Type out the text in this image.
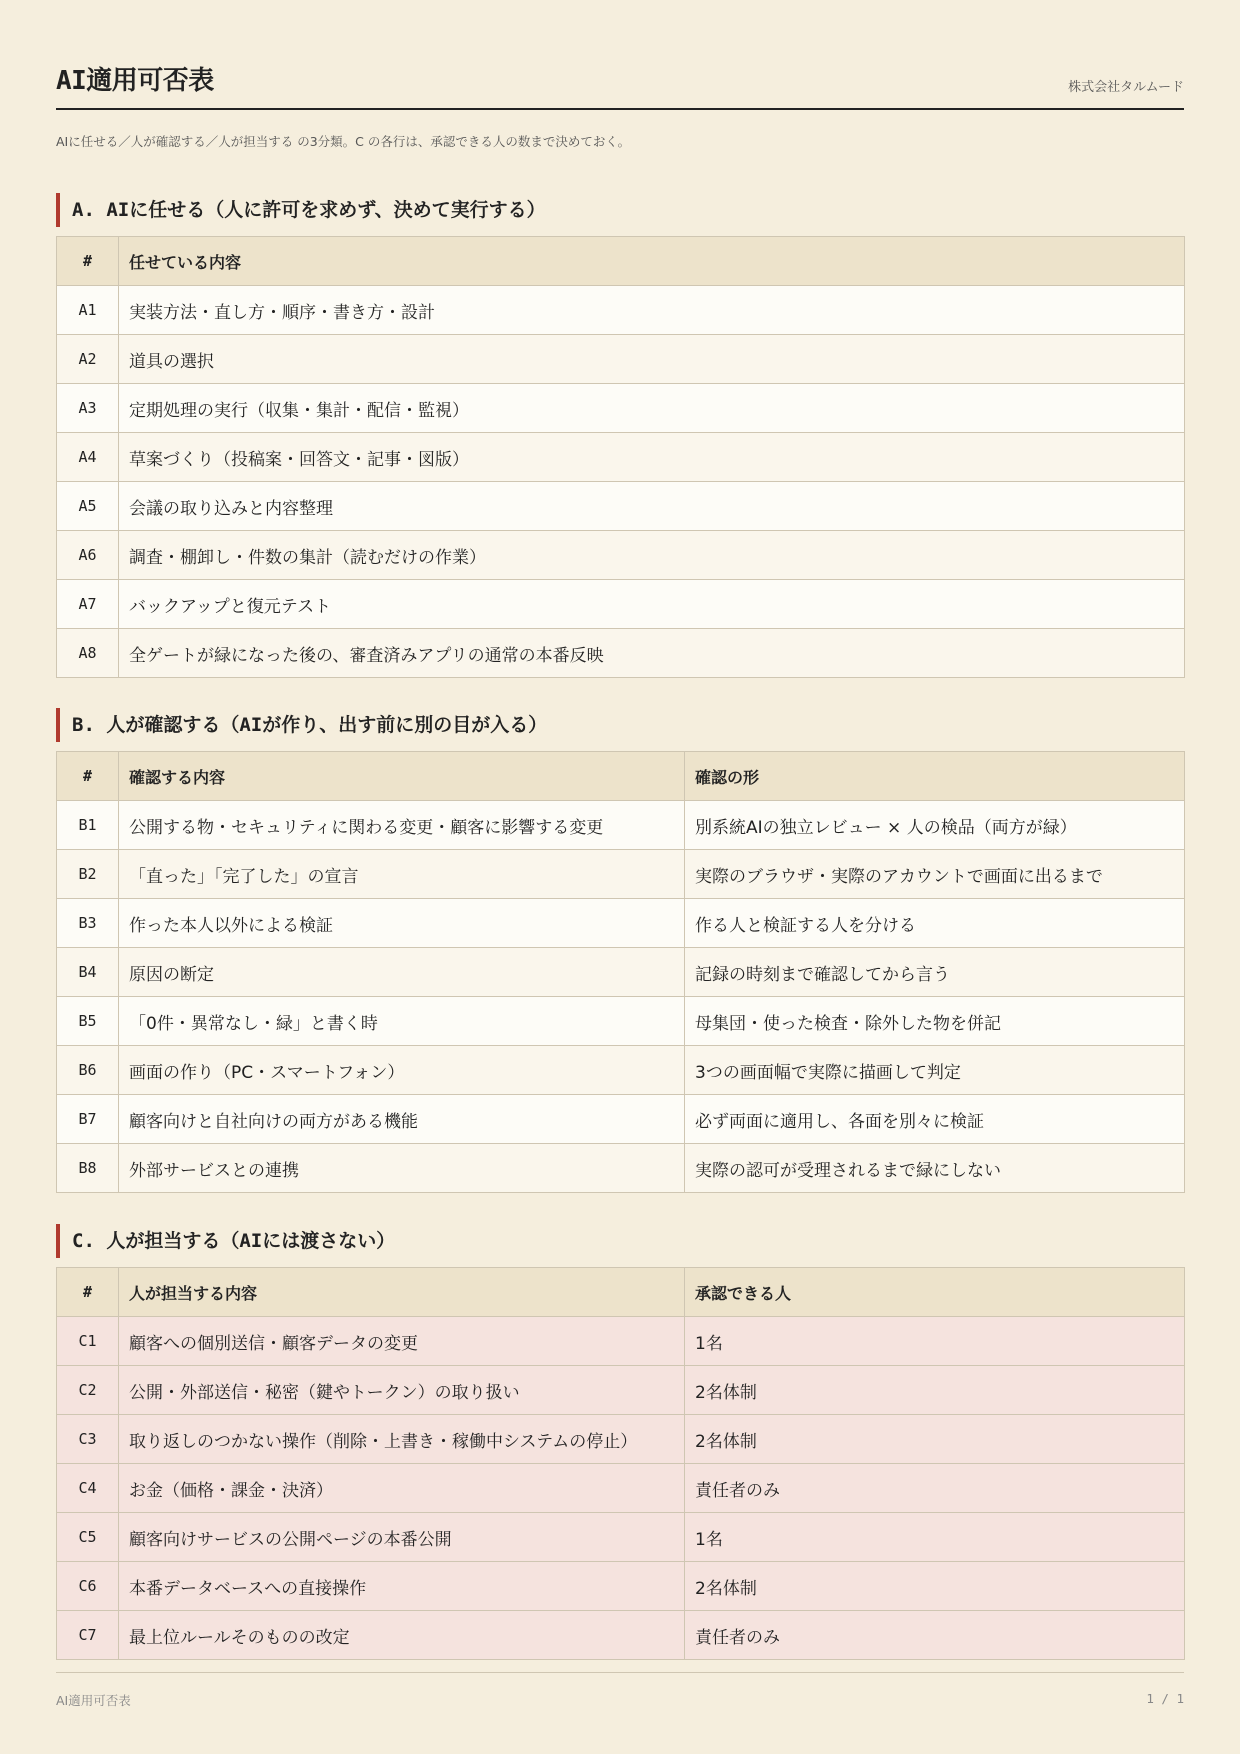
AI適用可否表	株式会社タルムード
AIに任せる／人が確認する／人が担当する の3分類。C の各行は、承認できる人の数まで決めておく。
A. AIに任せる（人に許可を求めず、決めて実行する）
#	任せている内容
A1	実装方法・直し方・順序・書き方・設計
A2	道具の選択
A3	定期処理の実行（収集・集計・配信・監視）
A4	草案づくり（投稿案・回答文・記事・図版）
A5	会議の取り込みと内容整理
A6	調査・棚卸し・件数の集計（読むだけの作業）
A7	バックアップと復元テスト
A8	全ゲートが緑になった後の、審査済みアプリの通常の本番反映
B. 人が確認する（AIが作り、出す前に別の目が入る）
#	確認する内容	確認の形
B1	公開する物・セキュリティに関わる変更・顧客に影響する変更	別系統AIの独立レビュー × 人の検品（両方が緑）
B2	「直った」「完了した」の宣言	実際のブラウザ・実際のアカウントで画面に出るまで
B3	作った本人以外による検証	作る人と検証する人を分ける
B4	原因の断定	記録の時刻まで確認してから言う
B5	「0件・異常なし・緑」と書く時	母集団・使った検査・除外した物を併記
B6	画面の作り（PC・スマートフォン）	3つの画面幅で実際に描画して判定
B7	顧客向けと自社向けの両方がある機能	必ず両面に適用し、各面を別々に検証
B8	外部サービスとの連携	実際の認可が受理されるまで緑にしない
C. 人が担当する（AIには渡さない）
#	人が担当する内容	承認できる人
C1	顧客への個別送信・顧客データの変更	1名
C2	公開・外部送信・秘密（鍵やトークン）の取り扱い	2名体制
C3	取り返しのつかない操作（削除・上書き・稼働中システムの停止）	2名体制
C4	お金（価格・課金・決済）	責任者のみ
C5	顧客向けサービスの公開ページの本番公開	1名
C6	本番データベースへの直接操作	2名体制
C7	最上位ルールそのものの改定	責任者のみ
AI適用可否表	1 / 1
